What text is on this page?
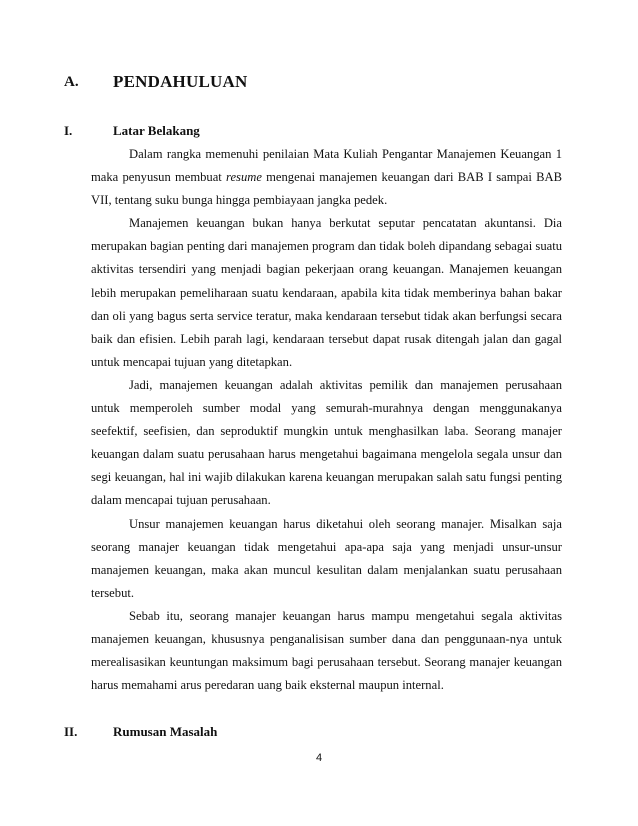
A. PENDAHULUAN
I.	Latar Belakang

Dalam rangka memenuhi penilaian Mata Kuliah Pengantar Manajemen Keuangan 1 maka penyusun membuat resume mengenai manajemen keuangan dari BAB I sampai BAB VII, tentang suku bunga hingga pembiayaan jangka pedek.

Manajemen keuangan bukan hanya berkutat seputar pencatatan akuntansi. Dia merupakan bagian penting dari manajemen program dan tidak boleh dipandang sebagai suatu aktivitas tersendiri yang menjadi bagian pekerjaan orang keuangan. Manajemen keuangan lebih merupakan pemeliharaan suatu kendaraan, apabila kita tidak memberinya bahan bakar dan oli yang bagus serta service teratur, maka kendaraan tersebut tidak akan berfungsi secara baik dan efisien. Lebih parah lagi, kendaraan tersebut dapat rusak ditengah jalan dan gagal untuk mencapai tujuan yang ditetapkan.

Jadi, manajemen keuangan adalah aktivitas pemilik dan manajemen perusahaan untuk memperoleh sumber modal yang semurah-murahnya dengan menggunakanya seefektif, seefisien, dan seproduktif mungkin untuk menghasilkan laba. Seorang manajer keuangan dalam suatu perusahaan harus mengetahui bagaimana mengelola segala unsur dan segi keuangan, hal ini wajib dilakukan karena keuangan merupakan salah satu fungsi penting dalam mencapai tujuan perusahaan.

Unsur manajemen keuangan harus diketahui oleh seorang manajer. Misalkan saja seorang manajer keuangan tidak mengetahui apa-apa saja yang menjadi unsur-unsur manajemen keuangan, maka akan muncul kesulitan dalam menjalankan suatu perusahaan tersebut.

Sebab itu, seorang manajer keuangan harus mampu mengetahui segala aktivitas manajemen keuangan, khususnya penganalisisan sumber dana dan penggunaan-nya untuk merealisasikan keuntungan maksimum bagi perusahaan tersebut. Seorang manajer keuangan harus memahami arus peredaran uang baik eksternal maupun internal.

II.	Rumusan Masalah
4
